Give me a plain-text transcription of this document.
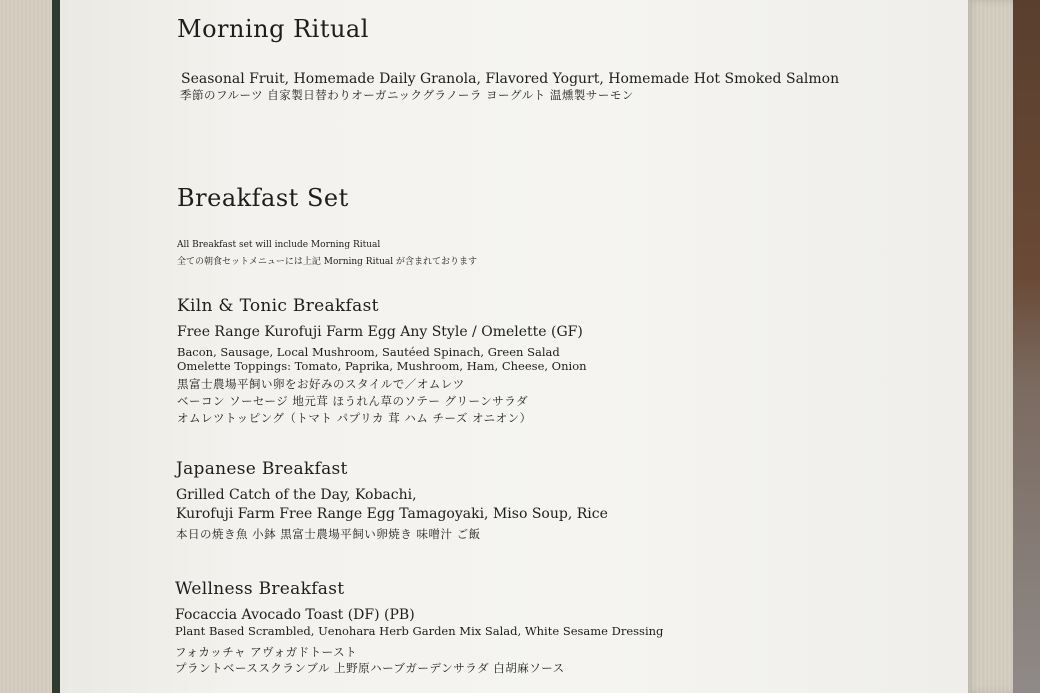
Morning Ritual

Seasonal Fruit, Homemade Daily Granola, Flavored Yogurt, Homemade Hot Smoked Salmon

季節のフルーツ 自家製日替わりオーガニックグラノーラ ヨーグルト 温燻製サーモン

Breakfast Set

All Breakfast set will include Morning Ritual

全ての朝食セットメニューには上記 Morning Ritual が含まれております

Kiln & Tonic Breakfast

Free Range Kurofuji Farm Egg Any Style / Omelette (GF)

Bacon, Sausage, Local Mushroom, Sautéed Spinach, Green Salad

Omelette Toppings: Tomato, Paprika, Mushroom, Ham, Cheese, Onion

黒富士農場平飼い卵をお好みのスタイルで／オムレツ

ベーコン ソーセージ 地元茸 ほうれん草のソテー グリーンサラダ

オムレツトッピング（トマト パプリカ 茸 ハム チーズ オニオン）

Japanese Breakfast

Grilled Catch of the Day, Kobachi,

Kurofuji Farm Free Range Egg Tamagoyaki, Miso Soup, Rice

本日の焼き魚 小鉢 黒富士農場平飼い卵焼き 味噌汁 ご飯

Wellness Breakfast

Focaccia Avocado Toast (DF) (PB)

Plant Based Scrambled, Uenohara Herb Garden Mix Salad, White Sesame Dressing

フォカッチャ アヴォガドトースト

プラントベーススクランブル 上野原ハーブガーデンサラダ 白胡麻ソース
